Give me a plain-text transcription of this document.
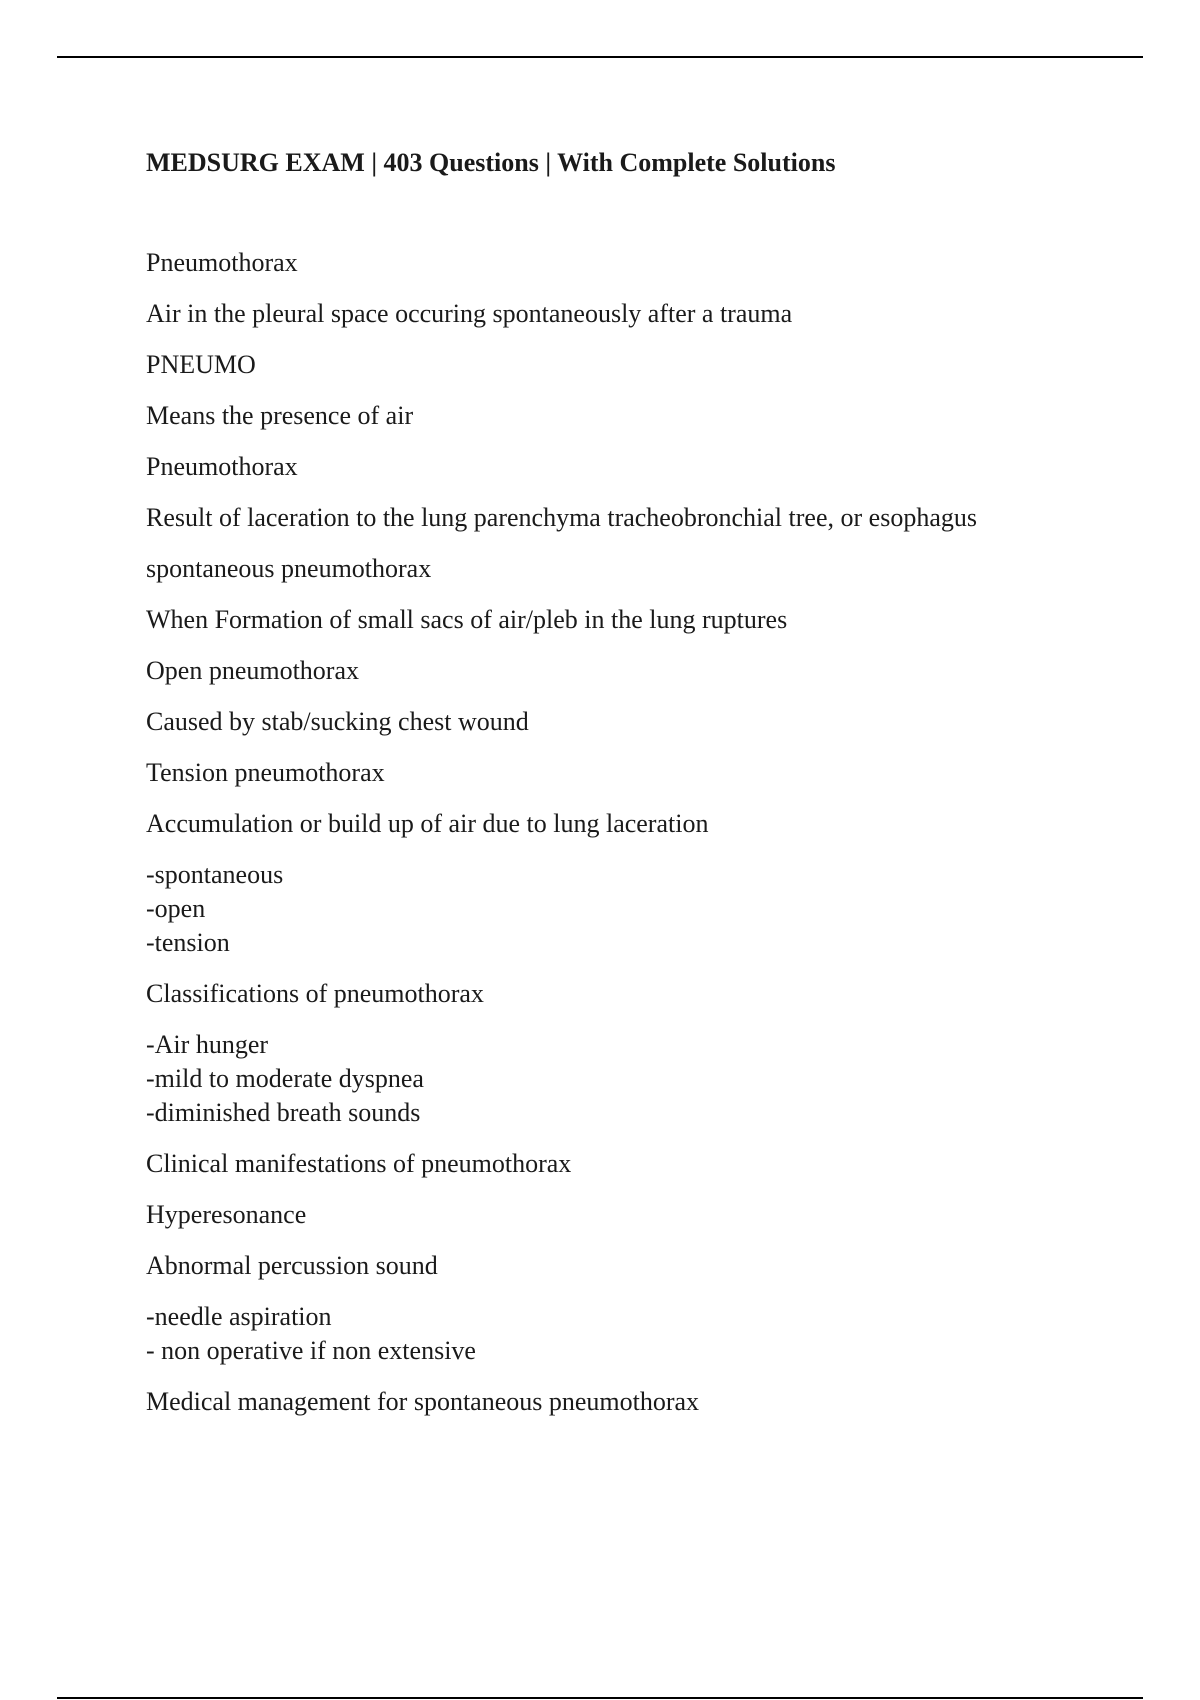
MEDSURG EXAM | 403 Questions | With Complete Solutions

Pneumothorax

Air in the pleural space occuring spontaneously after a trauma

PNEUMO

Means the presence of air

Pneumothorax

Result of laceration to the lung parenchyma tracheobronchial tree, or esophagus

spontaneous pneumothorax

When Formation of small sacs of air/pleb in the lung ruptures

Open pneumothorax

Caused by stab/sucking chest wound

Tension pneumothorax

Accumulation or build up of air due to lung laceration

-spontaneous
-open
-tension

Classifications of pneumothorax

-Air hunger
-mild to moderate dyspnea
-diminished breath sounds

Clinical manifestations of pneumothorax

Hyperesonance

Abnormal percussion sound

-needle aspiration
- non operative if non extensive

Medical management for spontaneous pneumothorax
